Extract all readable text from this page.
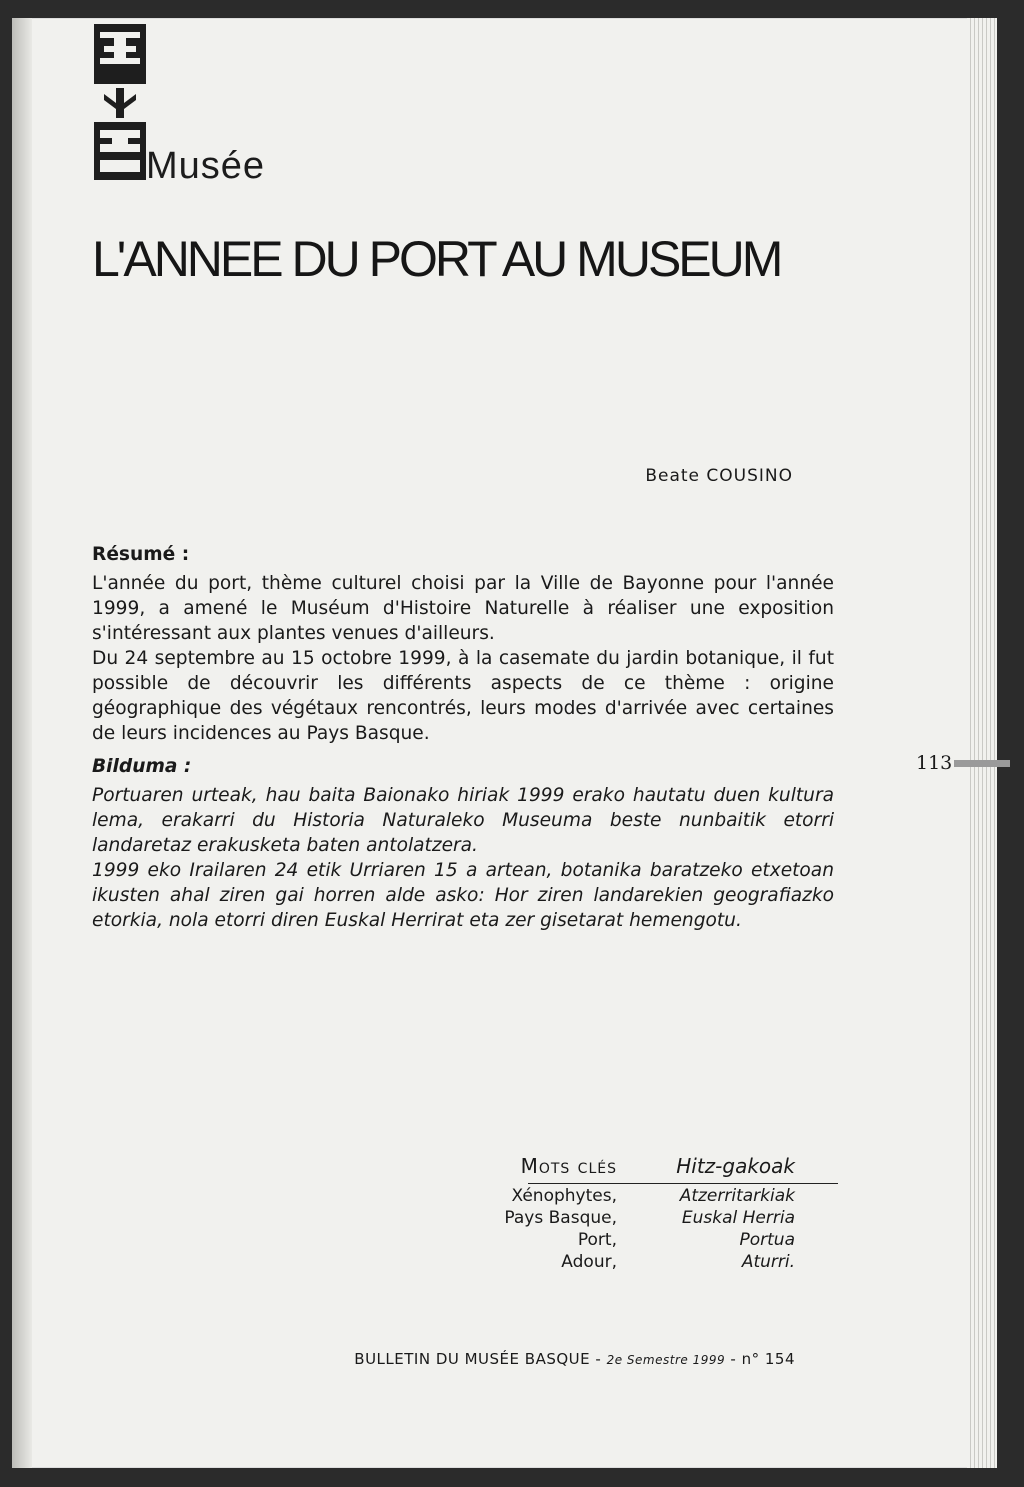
Musée
L'ANNEE DU PORT AU MUSEUM
Beate COUSINO
Résumé :

L'année du port, thème culturel choisi par la Ville de Bayonne pour l'année 1999, a amené le Muséum d'Histoire Naturelle à réaliser une exposition s'intéressant aux plantes venues d'ailleurs.

Du 24 septembre au 15 octobre 1999, à la casemate du jardin botanique, il fut possible de découvrir les différents aspects de ce thème : origine géographique des végétaux rencontrés, leurs modes d'arrivée avec certaines de leurs incidences au Pays Basque.

Bilduma :

Portuaren urteak, hau baita Baionako hiriak 1999 erako hautatu duen kultura lema, erakarri du Historia Naturaleko Museuma beste nunbaitik etorri landaretaz erakusketa baten antolatzera.

1999 eko Irailaren 24 etik Urriaren 15 a artean, botanika baratzeko etxetoan ikusten ahal ziren gai horren alde asko: Hor ziren landarekien geografiazko etorkia, nola etorri diren Euskal Herrirat eta zer gisetarat hemengotu.

113
Mots clés
Xénophytes,
Pays Basque,
Port,
Adour,
Hitz-gakoak
Atzerritarkiak
Euskal Herria
Portua
Aturri.
BULLETIN DU MUSÉE BASQUE - 2e Semestre 1999 - n° 154
